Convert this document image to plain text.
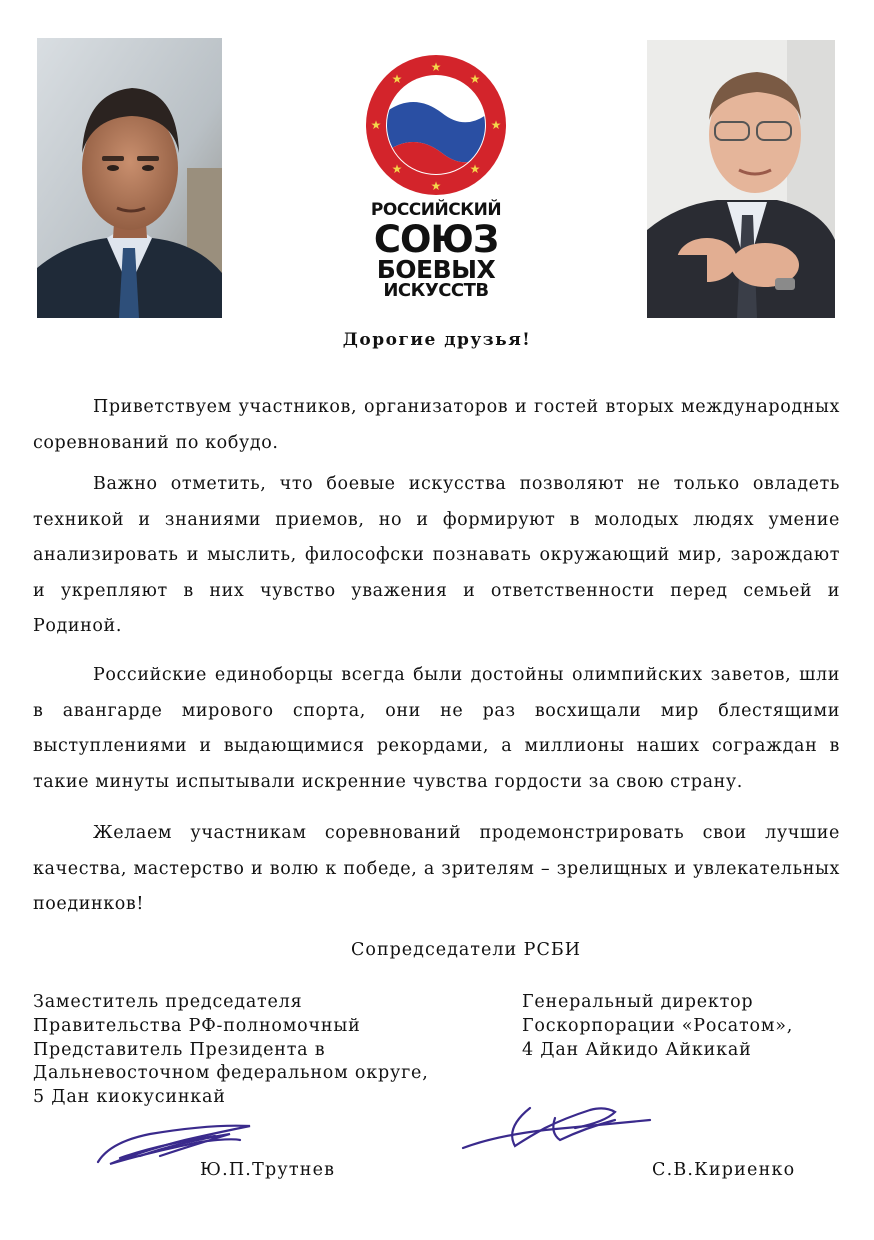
★
★
★
★
★
★
★
★
РОССИЙСКИЙ
СОЮЗ
БОЕВЫХ
ИСКУССТВ
Дорогие друзья!

Приветствуем участников, организаторов и гостей вторых международных соревнований по кобудо.

Важно отметить, что боевые искусства позволяют не только овладеть техникой и знаниями приемов, но и формируют в молодых людях умение анализировать и мыслить, философски познавать окружающий мир, зарождают и укрепляют в них чувство уважения и ответственности перед семьей и Родиной.

Российские единоборцы всегда были достойны олимпийских заветов, шли в авангарде мирового спорта, они не раз восхищали мир блестящими выступлениями и выдающимися рекордами, а миллионы наших сограждан в такие минуты испытывали искренние чувства гордости за свою страну.

Желаем участникам соревнований продемонстрировать свои лучшие качества, мастерство и волю к победе, а зрителям – зрелищных и увлекательных поединков!

Сопредседатели РСБИ
Заместитель председателя
Правительства РФ-полномочный
Представитель Президента в
Дальневосточном федеральном округе,
5 Дан киокусинкай
Генеральный директор
Госкорпорации «Росатом»,
4 Дан Айкидо Айкикай
Ю.П.Трутнев	С.В.Кириенко
